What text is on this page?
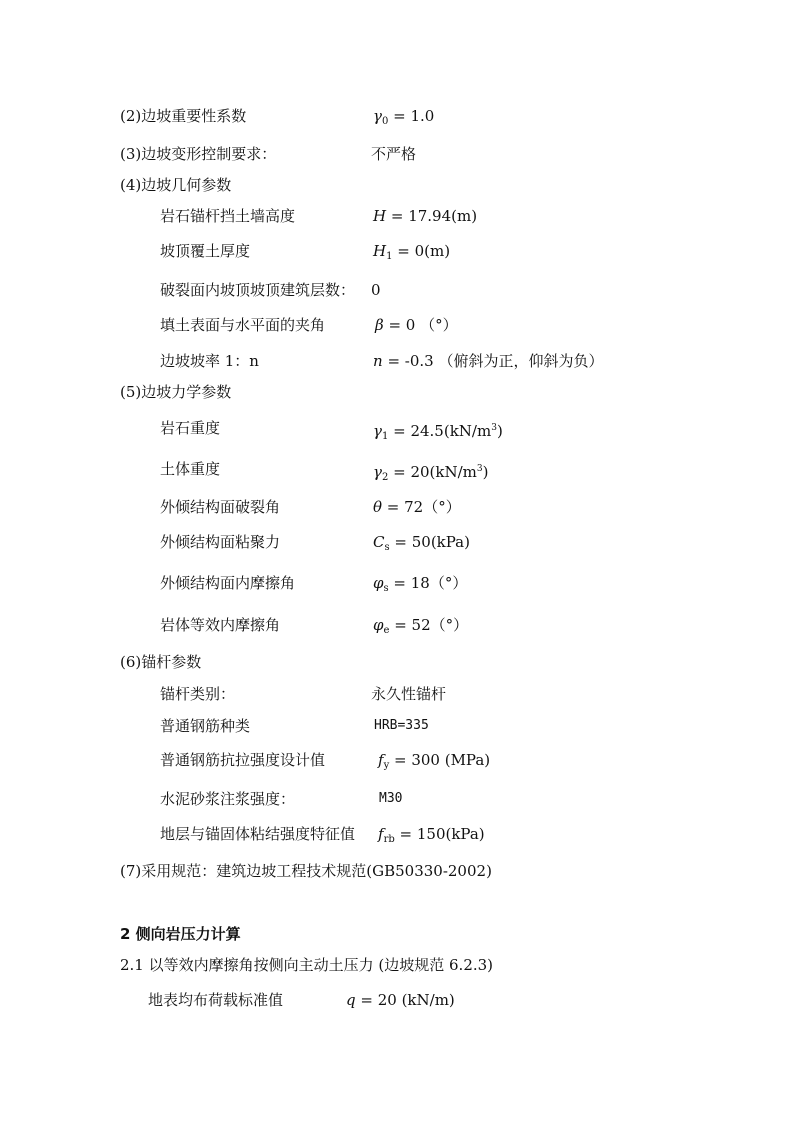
(2)边坡重要性系数	$\gamma_0 = 1.0$
(3)边坡变形控制要求：	不严格
(4)边坡几何参数
岩石锚杆挡土墙高度	H = 17.94(m)
坡顶覆土厚度	$H_1 = 0(m)$
破裂面内坡顶坡顶建筑层数： 0
填土表面与水平面的夹角	β = 0 （°）
边坡坡率 1：n	n = -0.3 （俯斜为正，仰斜为负）
(5)边坡力学参数
岩石重度	$\gamma_1 = 24.5(kN/m^3)$
土体重度	$\gamma_2 = 20(kN/m^3)$
外倾结构面破裂角	θ = 72（°）
外倾结构面粘聚力	$C_s = 50(kPa)$
外倾结构面内摩擦角	$\varphi_s = 18(^\circ)$
岩体等效内摩擦角	$\varphi_e = 52(^\circ)$
(6)锚杆参数
锚杆类别：	永久性锚杆
普通钢筋种类	HRB=335
普通钢筋抗拉强度设计值	$f_y = 300$ (MPa)
水泥砂浆注浆强度：	M30
地层与锚固体粘结强度特征值 $f_{rb} = 150(kPa)$
(7)采用规范：建筑边坡工程技术规范(GB50330-2002)
2 侧向岩压力计算
2.1 以等效内摩擦角按侧向主动土压力 (边坡规范 6.2.3)
地表均布荷载标准值	q = 20 (kN/m)
